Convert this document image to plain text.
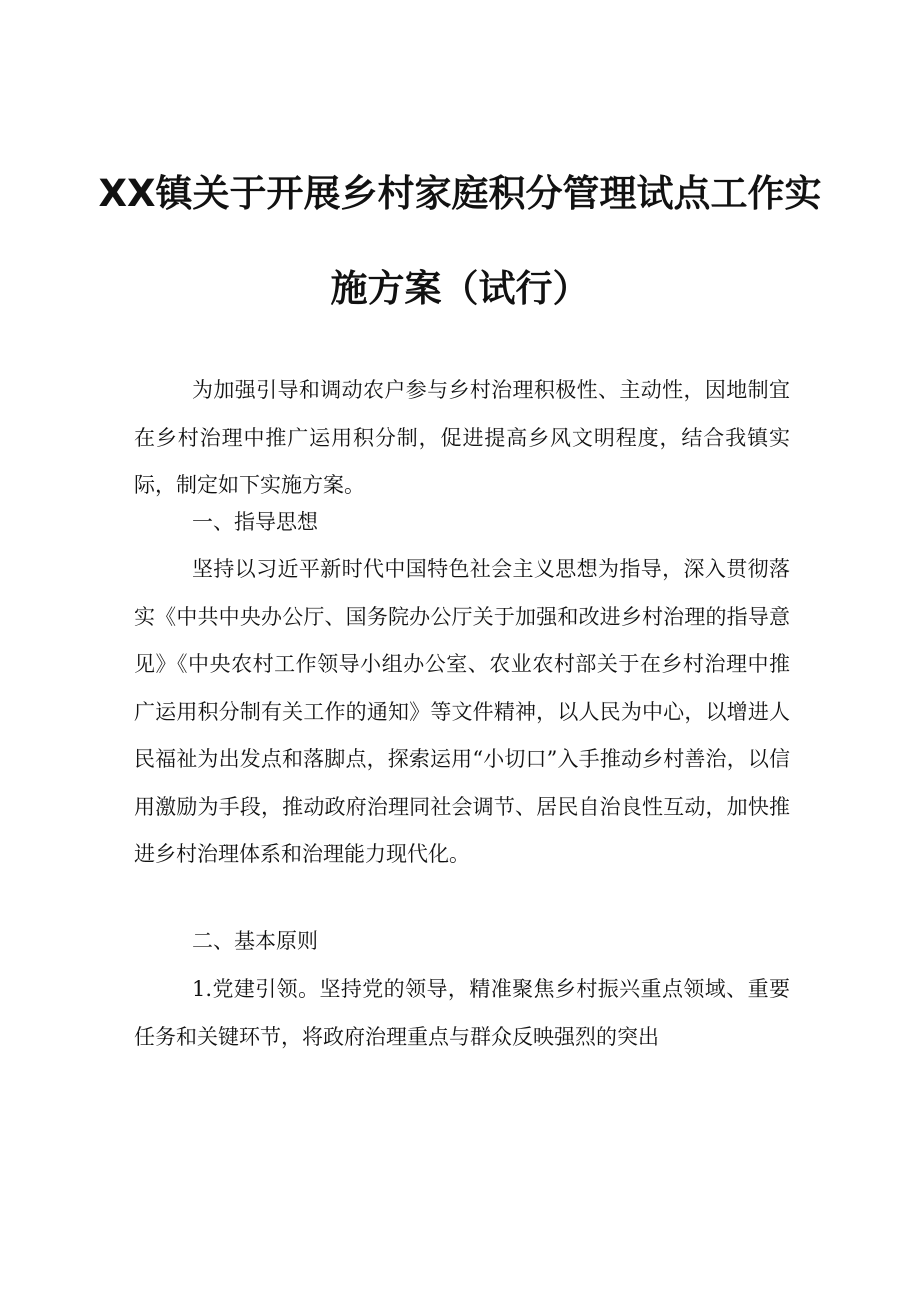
XX镇关于开展乡村家庭积分管理试点工作实
施方案（试行）
为加强引导和调动农户参与乡村治理积极性、主动性，因地制宜在乡村治理中推广运用积分制，促进提高乡风文明程度，结合我镇实际，制定如下实施方案。
一、指导思想
坚持以习近平新时代中国特色社会主义思想为指导，深入贯彻落实《中共中央办公厅、国务院办公厅关于加强和改进乡村治理的指导意见》《中央农村工作领导小组办公室、农业农村部关于在乡村治理中推广运用积分制有关工作的通知》等文件精神，以人民为中心，以增进人民福祉为出发点和落脚点，探索运用“小切口”入手推动乡村善治，以信用激励为手段，推动政府治理同社会调节、居民自治良性互动，加快推进乡村治理体系和治理能力现代化。
二、基本原则
1.党建引领。坚持党的领导，精准聚焦乡村振兴重点领域、重要任务和关键环节，将政府治理重点与群众反映强烈的突出
